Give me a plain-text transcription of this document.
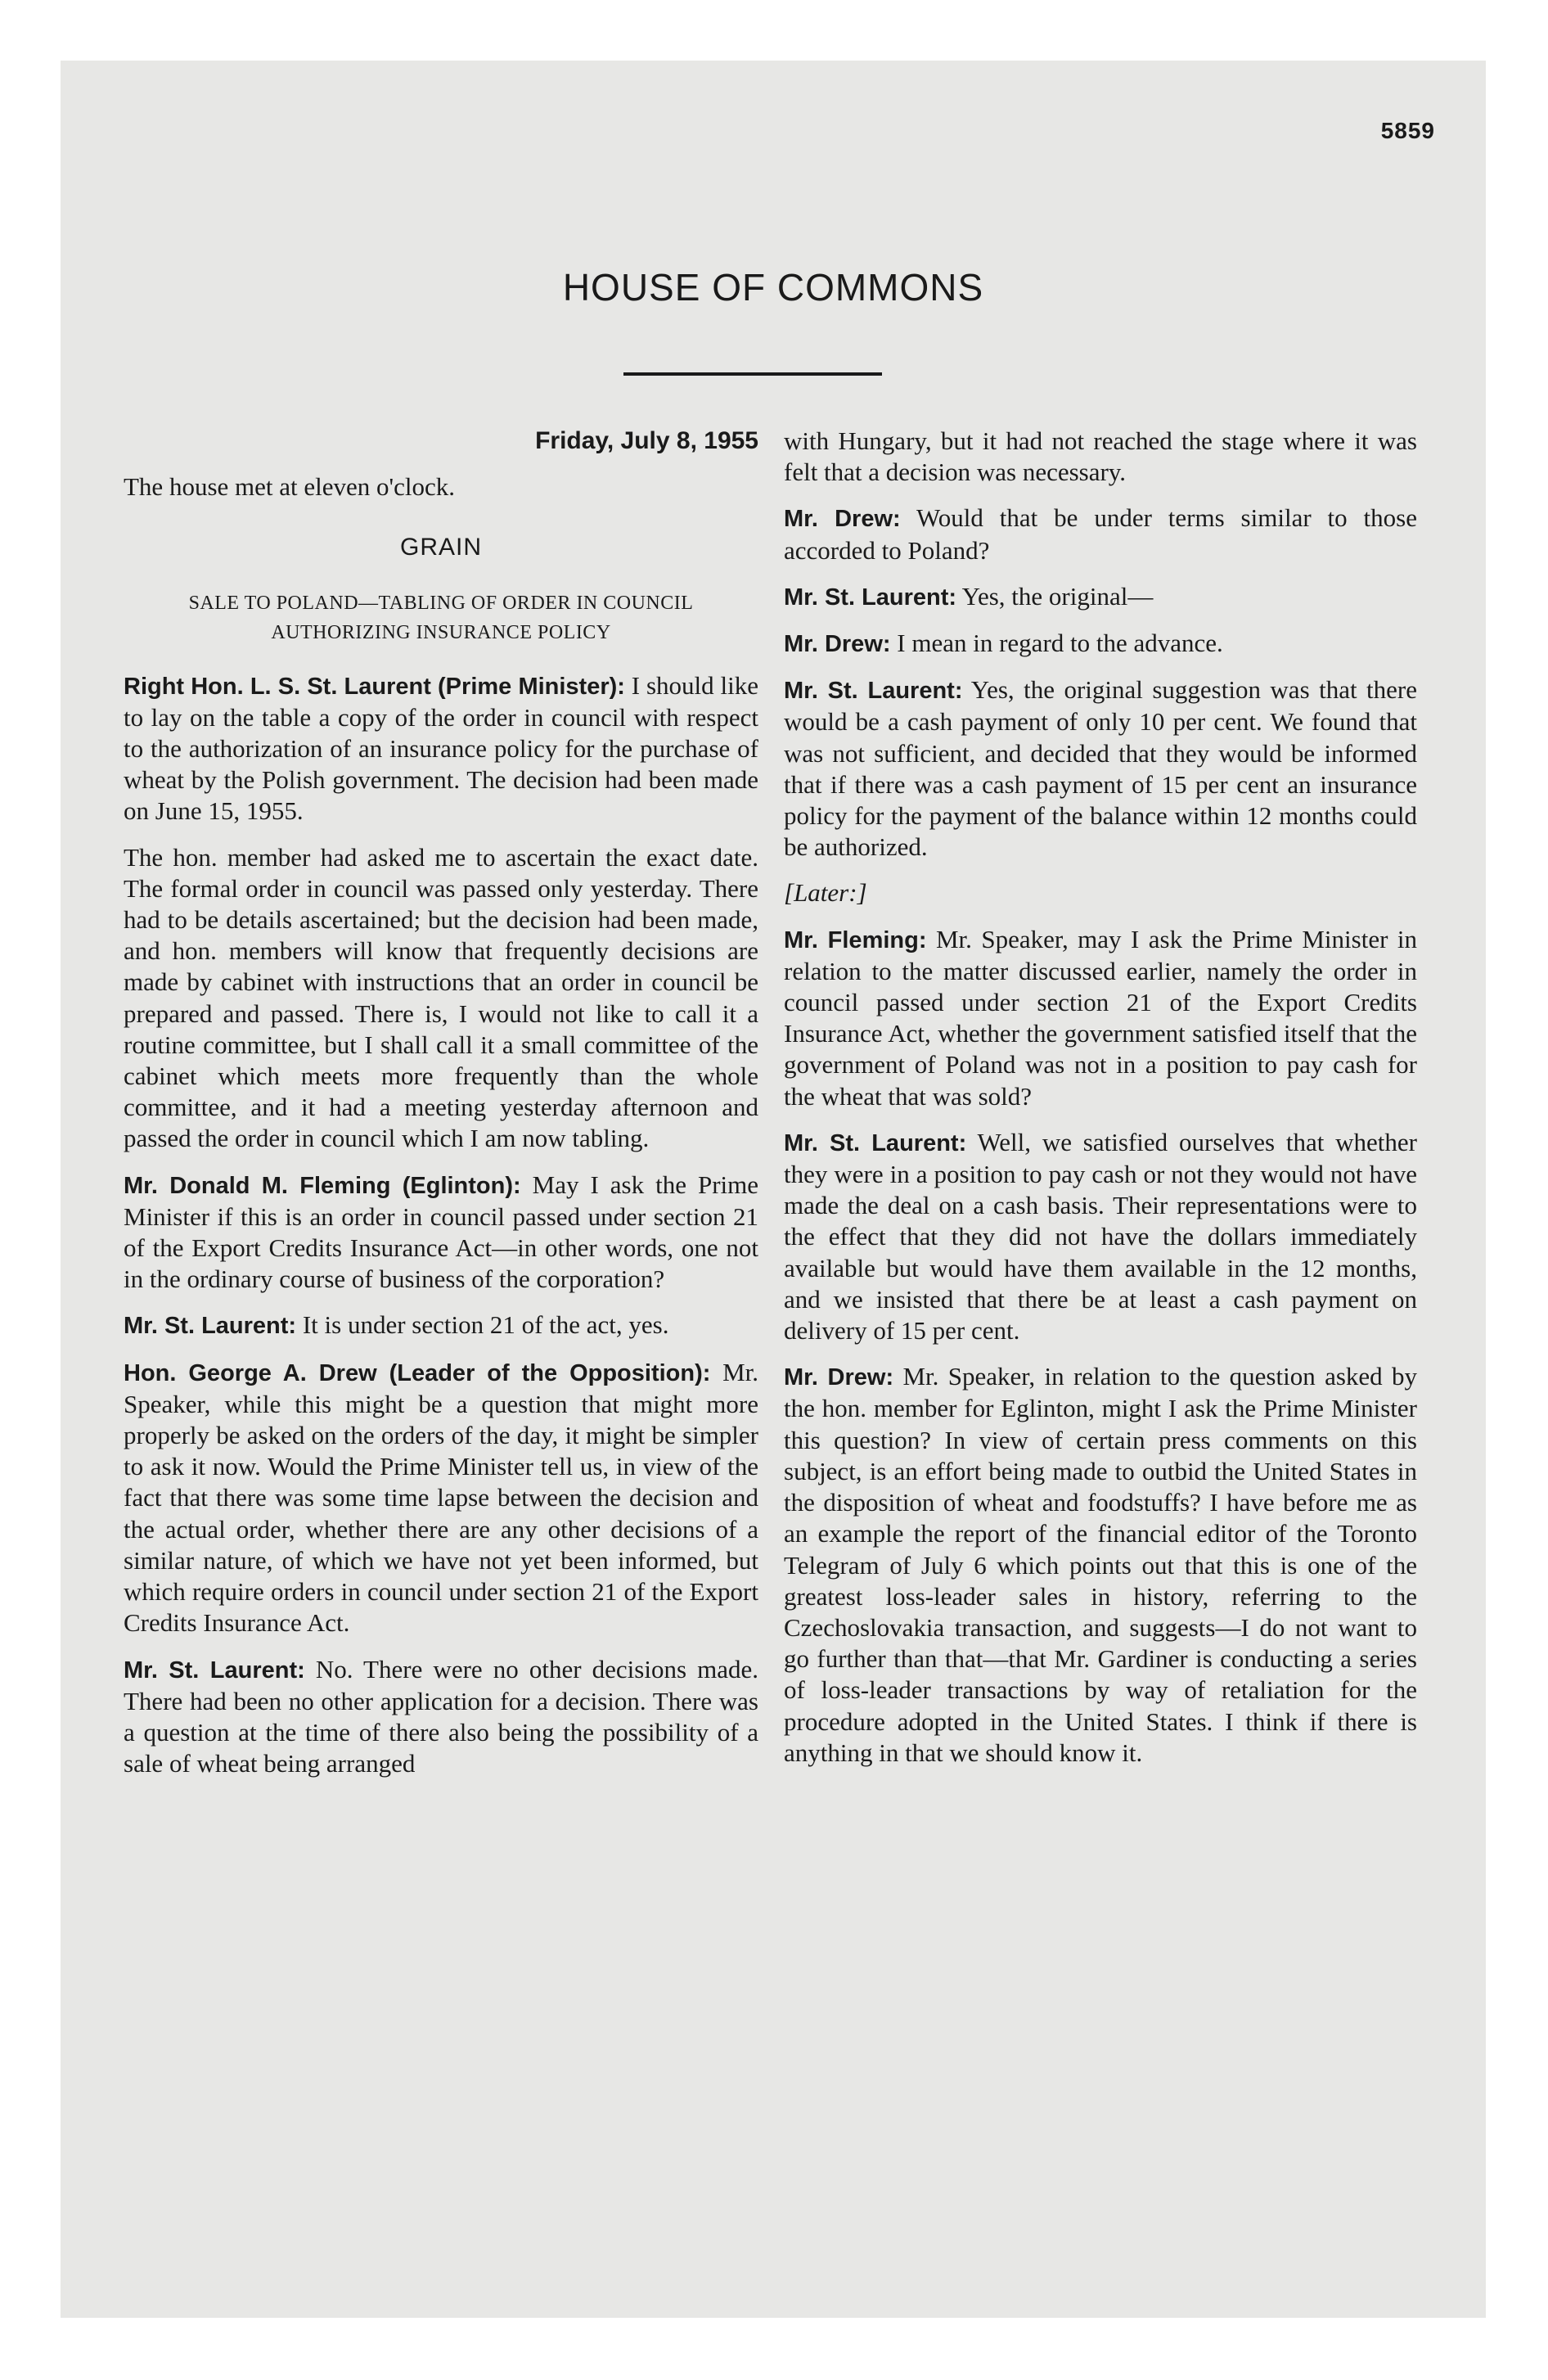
5859
HOUSE OF COMMONS

Friday, July 8, 1955

The house met at eleven o'clock.

GRAIN
SALE TO POLAND—TABLING OF ORDER IN COUNCIL
AUTHORIZING INSURANCE POLICY

Right Hon. L. S. St. Laurent (Prime Minister): I should like to lay on the table a copy of the order in council with respect to the authorization of an insurance policy for the purchase of wheat by the Polish government. The decision had been made on June 15, 1955.

The hon. member had asked me to ascertain the exact date. The formal order in council was passed only yesterday. There had to be details ascertained; but the decision had been made, and hon. members will know that frequently decisions are made by cabinet with instructions that an order in council be prepared and passed. There is, I would not like to call it a routine committee, but I shall call it a small committee of the cabinet which meets more frequently than the whole committee, and it had a meeting yesterday afternoon and passed the order in council which I am now tabling.

Mr. Donald M. Fleming (Eglinton): May I ask the Prime Minister if this is an order in council passed under section 21 of the Export Credits Insurance Act—in other words, one not in the ordinary course of business of the corporation?

Mr. St. Laurent: It is under section 21 of the act, yes.

Hon. George A. Drew (Leader of the Opposition): Mr. Speaker, while this might be a question that might more properly be asked on the orders of the day, it might be simpler to ask it now. Would the Prime Minister tell us, in view of the fact that there was some time lapse between the decision and the actual order, whether there are any other decisions of a similar nature, of which we have not yet been informed, but which require orders in council under section 21 of the Export Credits Insurance Act.

Mr. St. Laurent: No. There were no other decisions made. There had been no other application for a decision. There was a question at the time of there also being the possibility of a sale of wheat being arranged

with Hungary, but it had not reached the stage where it was felt that a decision was necessary.

Mr. Drew: Would that be under terms similar to those accorded to Poland?

Mr. St. Laurent: Yes, the original—

Mr. Drew: I mean in regard to the advance.

Mr. St. Laurent: Yes, the original suggestion was that there would be a cash payment of only 10 per cent. We found that was not sufficient, and decided that they would be informed that if there was a cash payment of 15 per cent an insurance policy for the payment of the balance within 12 months could be authorized.

[Later:]

Mr. Fleming: Mr. Speaker, may I ask the Prime Minister in relation to the matter discussed earlier, namely the order in council passed under section 21 of the Export Credits Insurance Act, whether the government satisfied itself that the government of Poland was not in a position to pay cash for the wheat that was sold?

Mr. St. Laurent: Well, we satisfied ourselves that whether they were in a position to pay cash or not they would not have made the deal on a cash basis. Their representations were to the effect that they did not have the dollars immediately available but would have them available in the 12 months, and we insisted that there be at least a cash payment on delivery of 15 per cent.

Mr. Drew: Mr. Speaker, in relation to the question asked by the hon. member for Eglinton, might I ask the Prime Minister this question? In view of certain press comments on this subject, is an effort being made to outbid the United States in the disposition of wheat and foodstuffs? I have before me as an example the report of the financial editor of the Toronto Telegram of July 6 which points out that this is one of the greatest loss-leader sales in history, referring to the Czechoslovakia transaction, and suggests—I do not want to go further than that—that Mr. Gardiner is conducting a series of loss-leader transactions by way of retaliation for the procedure adopted in the United States. I think if there is anything in that we should know it.
